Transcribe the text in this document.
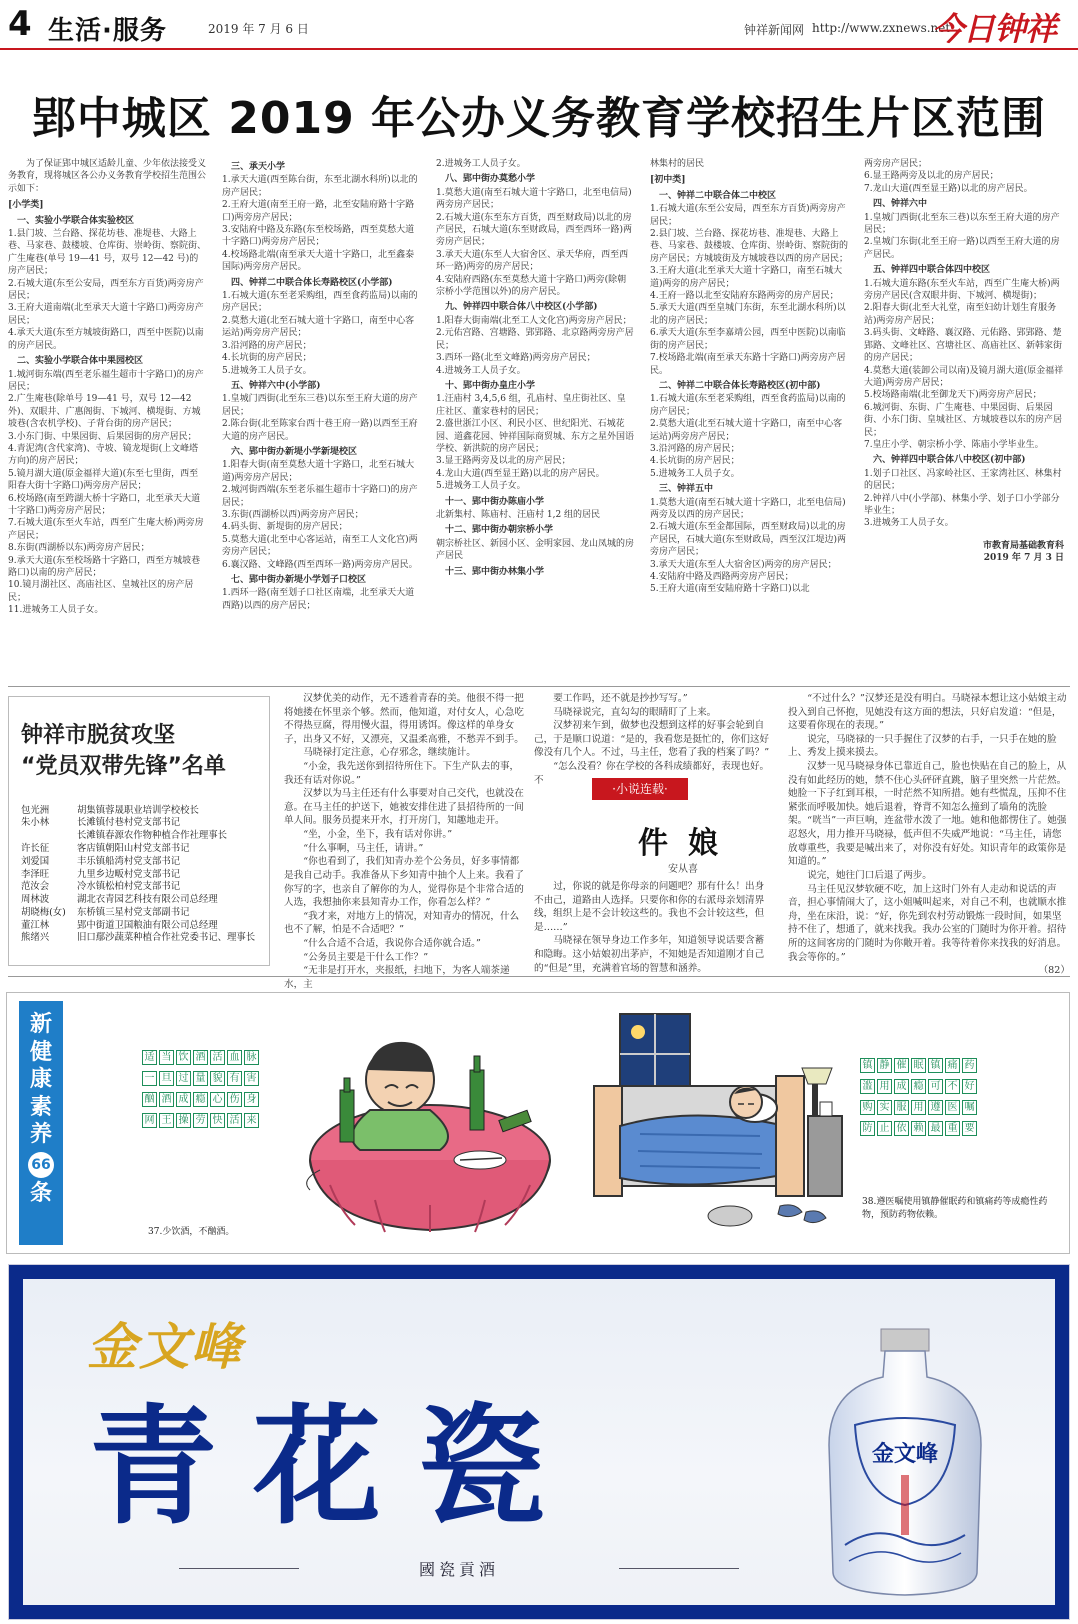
4 生活·服务	2019 年 7 月 6 日	钟祥新闻网 http://www.zxnews.net
今日钟祥
郢中城区 2019 年公办义务教育学校招生片区范围
为了保证郢中城区适龄儿童、少年依法接受义务教育，现将城区各公办义务教育学校招生范围公示如下：
[小学类]
一、实验小学联合体实验校区
1.县门坡、兰台路、探花坊巷、准堤巷、大路上巷、马家巷、鼓楼坡、仓库街、崇岭街、察院街、广生庵巷(单号 19—41 号，双号 12—42 号)的房产居民；
2.石城大道(东至公安局，西至东方百货)两旁房产居民；
3.王府大道南端(北至承天大道十字路口)两旁房产居民；
4.承天大道(东至方城坡街路口，西至中医院)以南的房产居民。
二、实验小学联合体中果园校区
1.城河街东端(西至老乐福生超市十字路口)的房产居民；
2.广生庵巷(除单号 19—41 号，双号 12—42 外)、双眼井、广惠阁街、下城河、横堤街、方城坡巷(含农机学校)、子背台街的房产居民；
3.小东门街、中果园街、后果园街的房产居民；
4.青泥湾(含代家湾)、寺坡、镜龙堤街(上文峰塔方向)的房产居民；
5.镜月湖大道(原金福祥大道)(东至七里街，西至阳春大街十字路口)两旁房产居民；
6.校场路(南至跨湖大桥十字路口，北至承天大道十字路口)两旁房产居民；
7.石城大道(东至火车站，西至广生庵大桥)两旁房产居民；
8.东街(西湖桥以东)两旁房产居民；
9.承天大道(东至校场路十字路口，西至方城坡巷路口)以南的房产居民；
10.镜月湖社区、高庙社区、皇城社区的房产居民；
11.进城务工人员子女。
三、承天小学
1.承天大道(西至陈台街，东至北湖水科所)以北的房产居民；
2.王府大道(南至王府一路，北至安陆府路十字路口)两旁房产居民；
3.安陆府中路及东路(东至校场路，西至莫愁大道十字路口)两旁房产居民；
4.校场路北端(南至承天大道十字路口，北至鑫泰国际)两旁房产居民。
四、钟祥二中联合体长寿路校区(小学部)
1.石城大道(东至老采购组，西至食药监局)以南的房产居民；
2.莫愁大道(北至石城大道十字路口，南至中心客运站)两旁房产居民；
3.沿河路的房产居民；
4.长坑街的房产居民；
5.进城务工人员子女。
五、钟祥六中(小学部)
1.皇城门西街(北至东三巷)以东至王府大道的房产居民；
2.陈台街(北至陈家台西十巷王府一路)以西至王府大道的房产居民。
六、郢中街办新堤小学新堤校区
1.阳春大街(南至莫愁大道十字路口，北至石城大道)两旁房产居民；
2.城河街西端(东至老乐福生超市十字路口)的房产居民；
3.东街(西湖桥以西)两旁房产居民；
4.码头街、新堤街的房产居民；
5.莫愁大道(北至中心客运站，南至工人文化宫)两旁房产居民；
6.襄汉路、文峰路(西至西环一路)两旁房产居民。
七、郢中街办新堤小学划子口校区
1.西环一路(南至划子口社区南端，北至承天大道西路)以西的房产居民；
2.进城务工人员子女。
八、郢中街办莫愁小学
1.莫愁大道(南至石城大道十字路口，北至电信局)两旁房产居民；
2.石城大道(东至东方百货，西至财政局)以北的房产居民，石城大道(东至财政局，西至西环一路)两旁房产居民；
3.承天大道(东至人大宿舍区、承天华府，西至西环一路)两旁的房产居民；
4.安陆府西路(东至莫愁大道十字路口)两旁(除朝宗桥小学范围以外)的房产居民。
九、钟祥四中联合体八中校区(小学部)
1.阳春大街南端(北至工人文化宫)两旁房产居民；
2.元佑宫路、宫塘路、郢郢路、北京路两旁房产居民；
3.西环一路(北至文峰路)两旁房产居民；
4.进城务工人员子女。
十、郢中街办皇庄小学
1.汪庙村 3,4,5,6 组，孔庙村、皇庄街社区、皇庄社区、董家巷村的居民；
2.盛世浙江小区、利民小区、世纪阳光、石城花园、道鑫花园、钟祥国际商贸城、东方之星外国语学校、新洪院的房产居民；
3.显王路两旁及以北的房产居民；
4.龙山大道(西至显王路)以北的房产居民。
5.进城务工人员子女。
十一、郢中街办陈庙小学
北新集村、陈庙村、汪庙村 1,2 组的居民
十二、郢中街办朝宗桥小学
朝宗桥社区、新园小区、金明家园、龙山凤城的房产居民
十三、郢中街办林集小学
林集村的居民
[初中类]
一、钟祥二中联合体二中校区
1.石城大道(东至公安局，西至东方百货)两旁房产居民；
2.县门坡、兰台路、探花坊巷、准堤巷、大路上巷、马家巷、鼓楼坡、仓库街、崇岭街、察院街的房产居民；方城坡街及方城坡巷以西的房产居民；
3.王府大道(北至承天大道十字路口，南至石城大道)两旁的房产居民；
4.王府一路以北至安陆府东路两旁的房产居民；
5.承天大道(西至皇城门东街，东至北湖水科所)以北的房产居民；
6.承天大道(东至李嘉靖公园，西至中医院)以南临街的房产居民；
7.校场路北端(南至承天东路十字路口)两旁房产居民。
二、钟祥二中联合体长寿路校区(初中部)
1.石城大道(东至老采购组，西至食药监局)以南的房产居民；
2.莫愁大道(北至石城大道十字路口，南至中心客运站)两旁房产居民；
3.沿河路的房产居民；
4.长坑街的房产居民；
5.进城务工人员子女。
三、钟祥五中
1.莫愁大道(南至石城大道十字路口，北至电信局)两旁及以西的房产居民；
2.石城大道(东至金都国际，西至财政局)以北的房产居民，石城大道(东至财政局，西至汉江堤边)两旁房产居民；
3.承天大道(东至人大宿舍区)两旁的房产居民；
4.安陆府中路及西路两旁房产居民；
5.王府大道(南至安陆府路十字路口)以北
两旁房产居民；
6.显王路两旁及以北的房产居民；
7.龙山大道(西至显王路)以北的房产居民。
四、钟祥六中
1.皇城门西街(北至东三巷)以东至王府大道的房产居民；
2.皇城门东街(北至王府一路)以西至王府大道的房产居民。
五、钟祥四中联合体四中校区
1.石城大道东路(东至火车站，西至广生庵大桥)两旁房产居民(含双眼井街、下城河、横堤街)；
2.阳春大街(北至大礼堂，南至妇幼计划生育服务站)两旁房产居民；
3.码头街、文峰路、襄汉路、元佑路、郢郢路、楚郢路、文峰社区、宫塘社区、高庙社区、新韩家街的房产居民；
4.莫愁大道(装卸公司以南)及镜月湖大道(原金福祥大道)两旁房产居民；
5.校场路南端(北至御龙天下)两旁房产居民；
6.城河街、东街、广生庵巷、中果园街、后果园街、小东门街、皇城社区、方城坡巷以东的房产居民；
7.皇庄小学、朝宗桥小学、陈庙小学毕业生。
六、钟祥四中联合体八中校区(初中部)
1.划子口社区、冯家岭社区、王家湾社区、林集村的居民；
2.钟祥八中(小学部)、林集小学、划子口小学部分毕业生；
3.进城务工人员子女。
市教育局基础教育科
2019 年 7 月 3 日
钟祥市脱贫攻坚
“党员双带先锋”名单
包光洲	胡集镇蓉晟职业培训学校校长
朱小林	长滩镇付巷村党支部书记
长滩镇春源农作物种植合作社理事长
许长征	客店镇朝阳山村党支部书记
刘爱国	丰乐镇船湾村党支部书记
李泽旺	九里乡边畈村党支部书记
范汝会	冷水镇松柏村党支部书记
周林波	湖北衣青园艺科技有限公司总经理
胡晓梅(女)	东桥镇三星村党支部副书记
董江林	郢中街道卫国粮油有限公司总经理
熊绪兴	旧口鄢沙蔬菜种植合作社党委书记、理事长
汉梦优美的动作，无不透着青春的美。他很不得一把将她搂在怀里亲个够。然而，他知道，对付女人，心急吃不得热豆腐，得用慢火温，得用诱饵。像这样的单身女子，出身又不好，又漂亮，又温柔高雅，不愁弄不到手。
马晓禄打定注意，心存邪念，继续施计。
“小金，我先送你到招待所住下。下生产队去的事，我还有话对你说。”
汉梦以为马主任还有什么事要对自己交代，也就没在意。在马主任的护送下，她被安排住进了县招待所的一间单人间。服务员提来开水，打开房门，知趣地走开。
“坐，小金，坐下，我有话对你讲。”
“什么事啊，马主任，请讲。”
“你也看到了，我们知青办差个公务员，好多事情都是我自己动手。我准备从下乡知青中抽个人上来。我看了你写的字，也亲自了解你的为人，觉得你是个非常合适的人选，我想抽你来县知青办工作，你看怎么样？”
“我才来，对地方上的情况，对知青办的情况，什么也不了解，怕是不合适吧？”
“什么合适不合适，我说你合适你就合适。”
“公务员主要是干什么工作？”
“无非是打开水，夹报纸，扫地下，为客人端茶递水，主
要工作吗，还不就是抄抄写写。”
马晓禄说完，直勾勾的眼睛盯了上来。
汉梦初来乍到，做梦也没想到这样的好事会轮到自己，于是顺口说道：“是的，我看您是挺忙的，你们这好像没有几个人。不过，马主任，您看了我的档案了吗？”
“怎么没看？你在学校的各科成绩都好，表现也好。不
·小说连载·
件娘
安从喜
过，你说的就是你母亲的问题吧？那有什么！出身不由己，道路由人选择。只要你和你的右派母亲划清界线，组织上是不会计较这些的。我也不会计较这些，但是……”
马晓禄在领导身边工作多年，知道领导说话要含蓄和隐晦。这小姑娘初出茅庐，不知她是否知道刚才自己的“但是”里，充满着官场的智慧和涵养。
“不过什么？”汉梦还是没有明白。马晓禄本想让这小姑娘主动投入到自己怀抱，见她没有这方面的想法，只好启发道：“但是，这要看你现在的表现。”
说完，马晓禄的一只手握住了汉梦的右手，一只手在她的脸上、秀发上摸来摸去。
汉梦一见马晓禄身体已靠近自己，脸也快贴在自己的脸上，从没有如此经历的她，禁不住心头砰砰直跳，脑子里突然一片茫然。她脸一下子红到耳根，一时茫然不知所措。她有些慌乱，压抑不住紧张而呼吸加快。她后退着，脊背不知怎么撞到了墙角的洗脸架。“咣当”一声巨响，连盆带水泼了一地。她和他都愣住了。她强忍怒火，用力推开马晓禄，低声但不失威严地说：“马主任，请您放尊重些，我要是喊出来了，对你没有好处。知识青年的政策你是知道的。”
说完，她往门口后退了两步。
马主任见汉梦软硬不吃，加上这时门外有人走动和说话的声音，担心事情闹大了，这小姐喊叫起来，对自己不利，也就顺水推舟，坐在床沿，说：“好，你先到农村劳动锻炼一段时间，如果坚持不住了，想通了，就来找我。我办公室的门随时为你开着。招待所的这间客房的门随时为你敞开着。我等待着你来找我的好消息。我会等你的。”
（82）
新
健
康
素
养
66
条
适 当 饮 酒 活 血 脉
一 旦 过 量 貌 有 害
酗 酒 成 瘾 心 伤 身
网 王 操 劳 快 活 来
镇 静 催 眠 镇 痛 药
滥 用 成 瘾 可 不 好
购 实 服 用 遵 医 嘱
防 止 依 赖 最 重 要
37.少饮酒，不酗酒。
38.遵医嘱使用镇静催眠药和镇痛药等成瘾性药物，预防药物依赖。
金文峰
青花瓷
國瓷貢酒
金文峰
